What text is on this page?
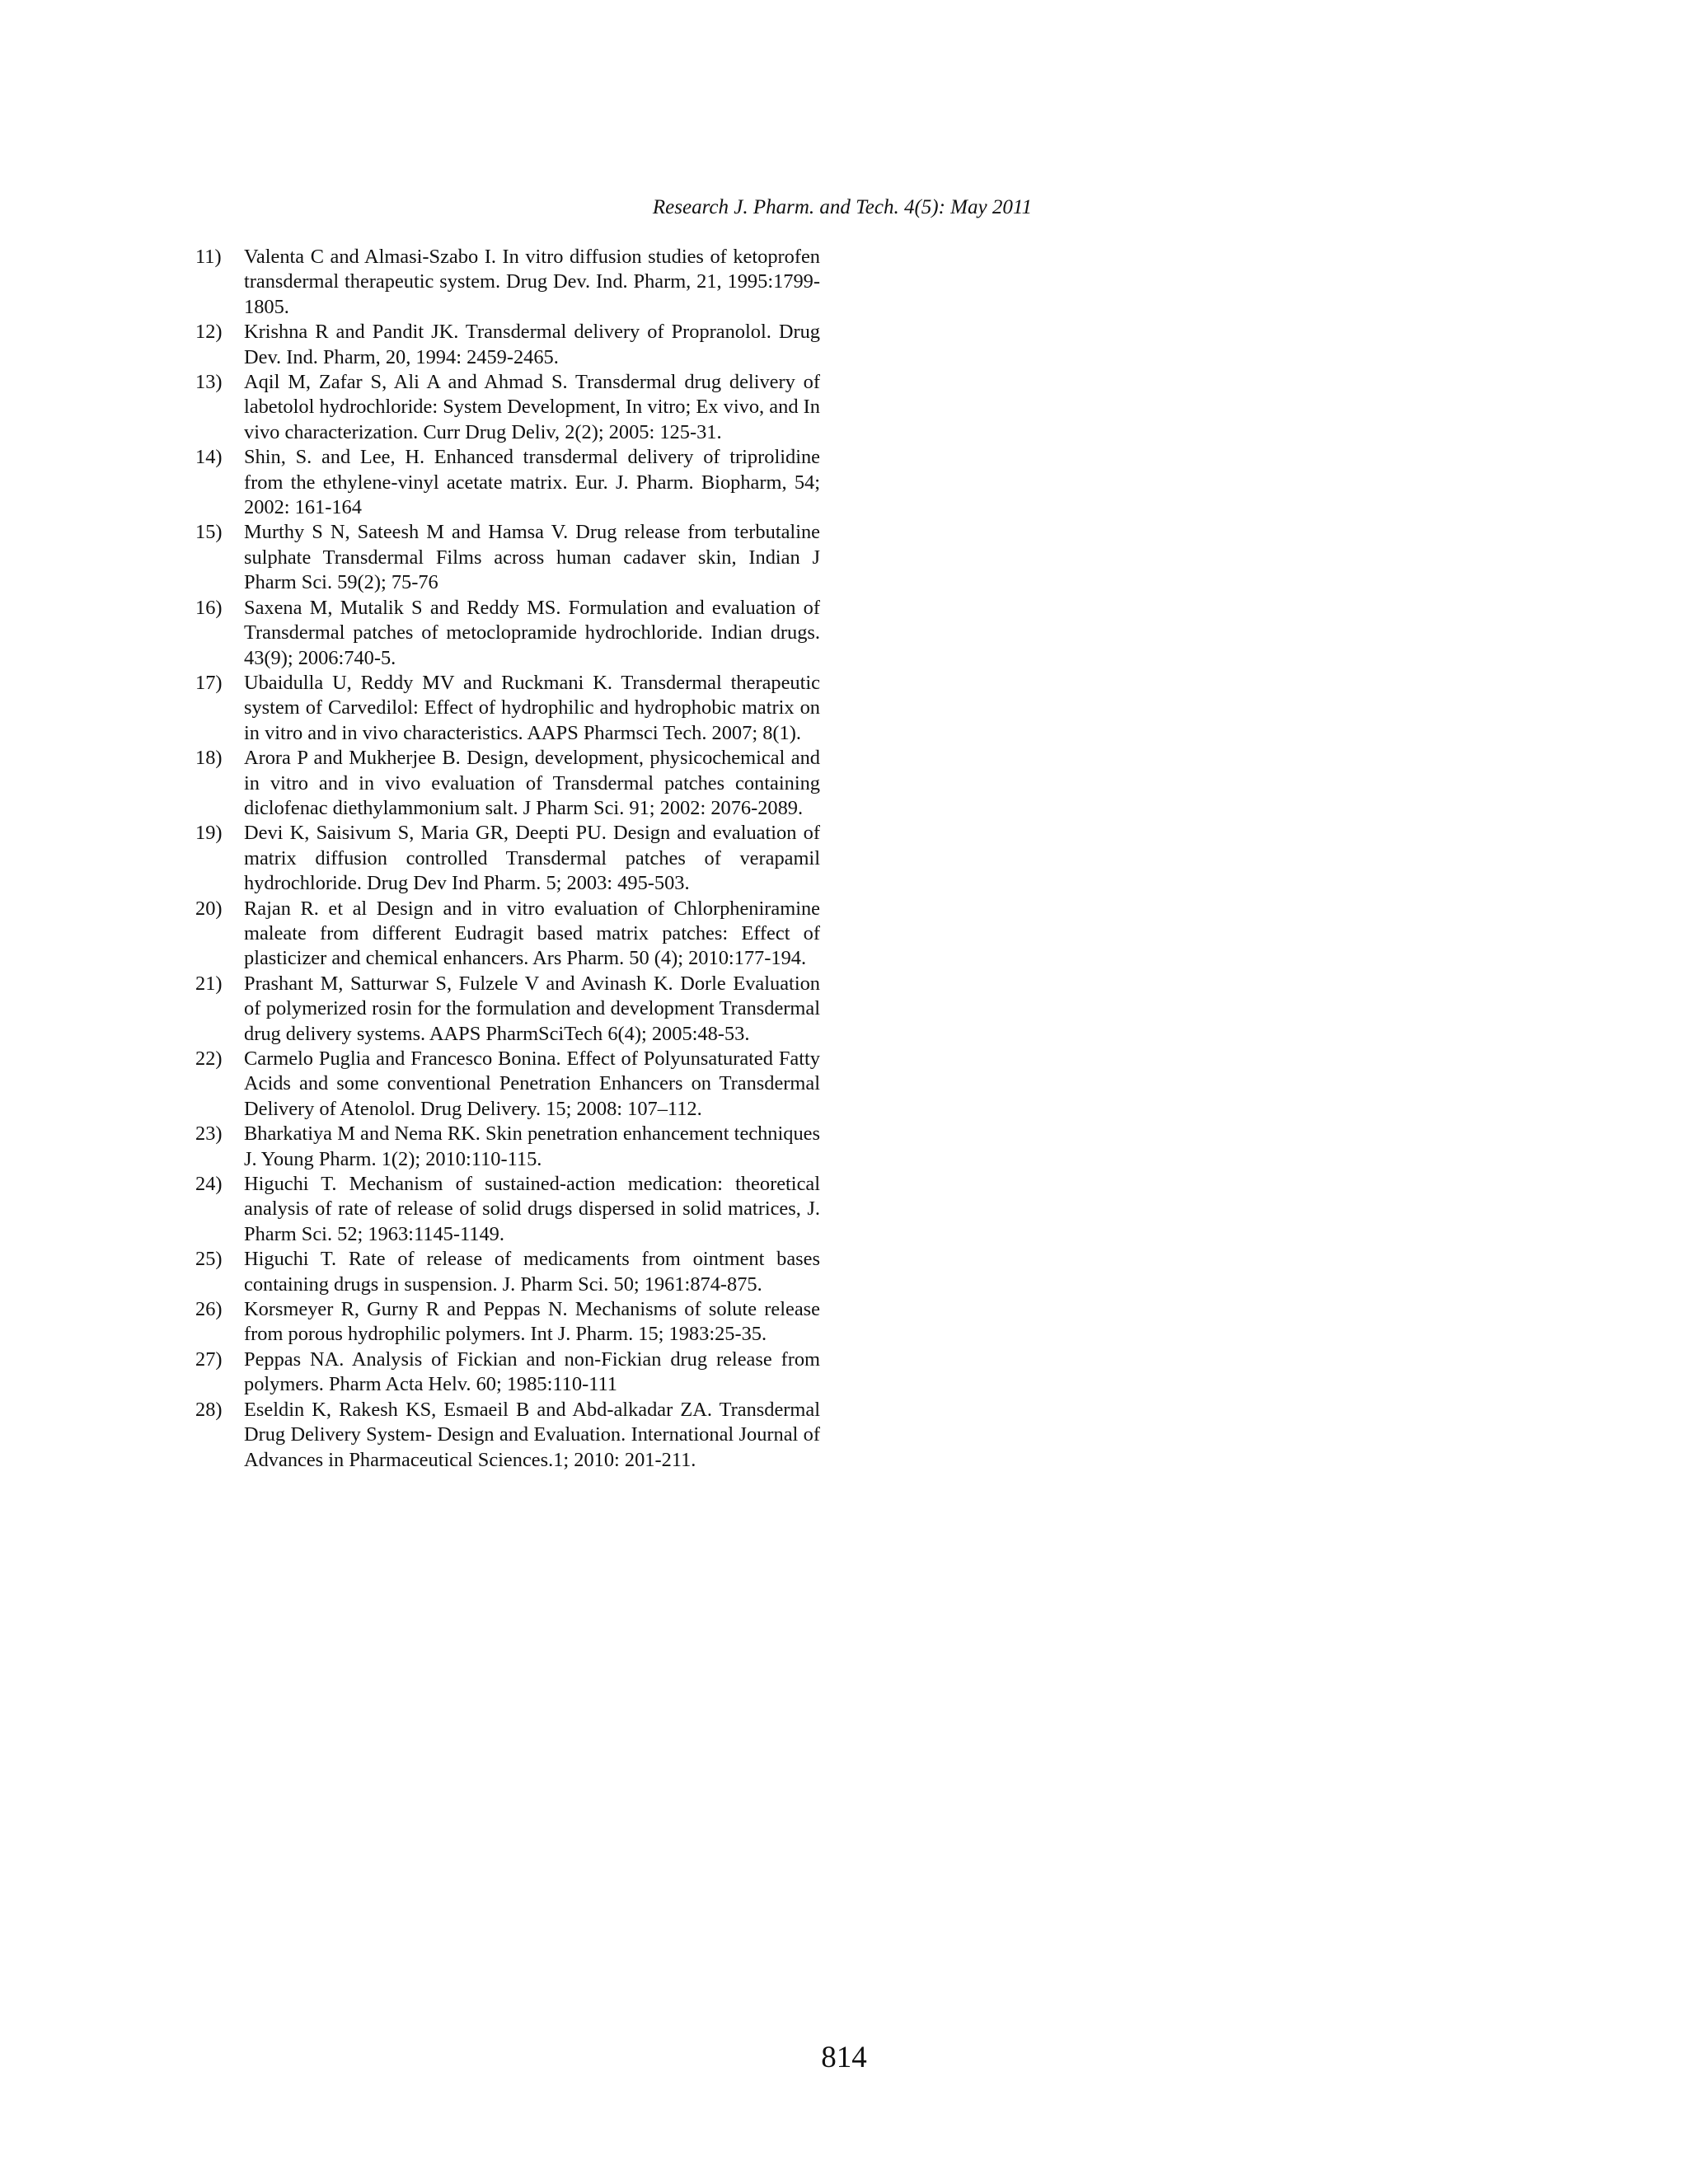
Research J. Pharm. and Tech. 4(5): May 2011
11)	Valenta C and Almasi-Szabo I. In vitro diffusion studies of ketoprofen transdermal therapeutic system. Drug Dev. Ind. Pharm, 21, 1995:1799-1805.
12)	Krishna R and Pandit JK. Transdermal delivery of Propranolol. Drug Dev. Ind. Pharm, 20, 1994: 2459-2465.
13)	Aqil M, Zafar S, Ali A and Ahmad S. Transdermal drug delivery of labetolol hydrochloride: System Development, In vitro; Ex vivo, and In vivo characterization. Curr Drug Deliv, 2(2); 2005: 125-31.
14)	Shin, S. and Lee, H. Enhanced transdermal delivery of triprolidine from the ethylene-vinyl acetate matrix. Eur. J. Pharm. Biopharm, 54; 2002: 161-164
15)	Murthy S N, Sateesh M and Hamsa V. Drug release from terbutaline sulphate Transdermal Films across human cadaver skin, Indian J Pharm Sci. 59(2); 75-76
16)	Saxena M, Mutalik S and Reddy MS. Formulation and evaluation of Transdermal patches of metoclopramide hydrochloride. Indian drugs. 43(9); 2006:740-5.
17)	Ubaidulla U, Reddy MV and Ruckmani K. Transdermal therapeutic system of Carvedilol: Effect of hydrophilic and hydrophobic matrix on in vitro and in vivo characteristics. AAPS Pharmsci Tech. 2007; 8(1).
18)	Arora P and Mukherjee B. Design, development, physicochemical and in vitro and in vivo evaluation of Transdermal patches containing diclofenac diethylammonium salt. J Pharm Sci. 91; 2002: 2076-2089.
19)	Devi K, Saisivum S, Maria GR, Deepti PU. Design and evaluation of matrix diffusion controlled Transdermal patches of verapamil hydrochloride. Drug Dev Ind Pharm. 5; 2003: 495-503.
20)	Rajan R. et al Design and in vitro evaluation of Chlorpheniramine maleate from different Eudragit based matrix patches: Effect of plasticizer and chemical enhancers. Ars Pharm. 50 (4); 2010:177-194.
21)	Prashant M, Satturwar S, Fulzele V and Avinash K. Dorle Evaluation of polymerized rosin for the formulation and development Transdermal drug delivery systems. AAPS PharmSciTech 6(4); 2005:48-53.
22)	Carmelo Puglia and Francesco Bonina. Effect of Polyunsaturated Fatty Acids and some conventional Penetration Enhancers on Transdermal Delivery of Atenolol. Drug Delivery. 15; 2008: 107–112.
23)	Bharkatiya M and Nema RK. Skin penetration enhancement techniques J. Young Pharm. 1(2); 2010:110-115.
24)	Higuchi T. Mechanism of sustained-action medication: theoretical analysis of rate of release of solid drugs dispersed in solid matrices, J. Pharm Sci. 52; 1963:1145-1149.
25)	Higuchi T. Rate of release of medicaments from ointment bases containing drugs in suspension. J. Pharm Sci. 50; 1961:874-875.
26)	Korsmeyer R, Gurny R and Peppas N. Mechanisms of solute release from porous hydrophilic polymers. Int J. Pharm. 15; 1983:25-35.
27)	Peppas NA. Analysis of Fickian and non-Fickian drug release from polymers. Pharm Acta Helv. 60; 1985:110-111
28)	Eseldin K, Rakesh KS, Esmaeil B and Abd-alkadar ZA. Transdermal Drug Delivery System- Design and Evaluation. International Journal of Advances in Pharmaceutical Sciences.1; 2010: 201-211.
814
